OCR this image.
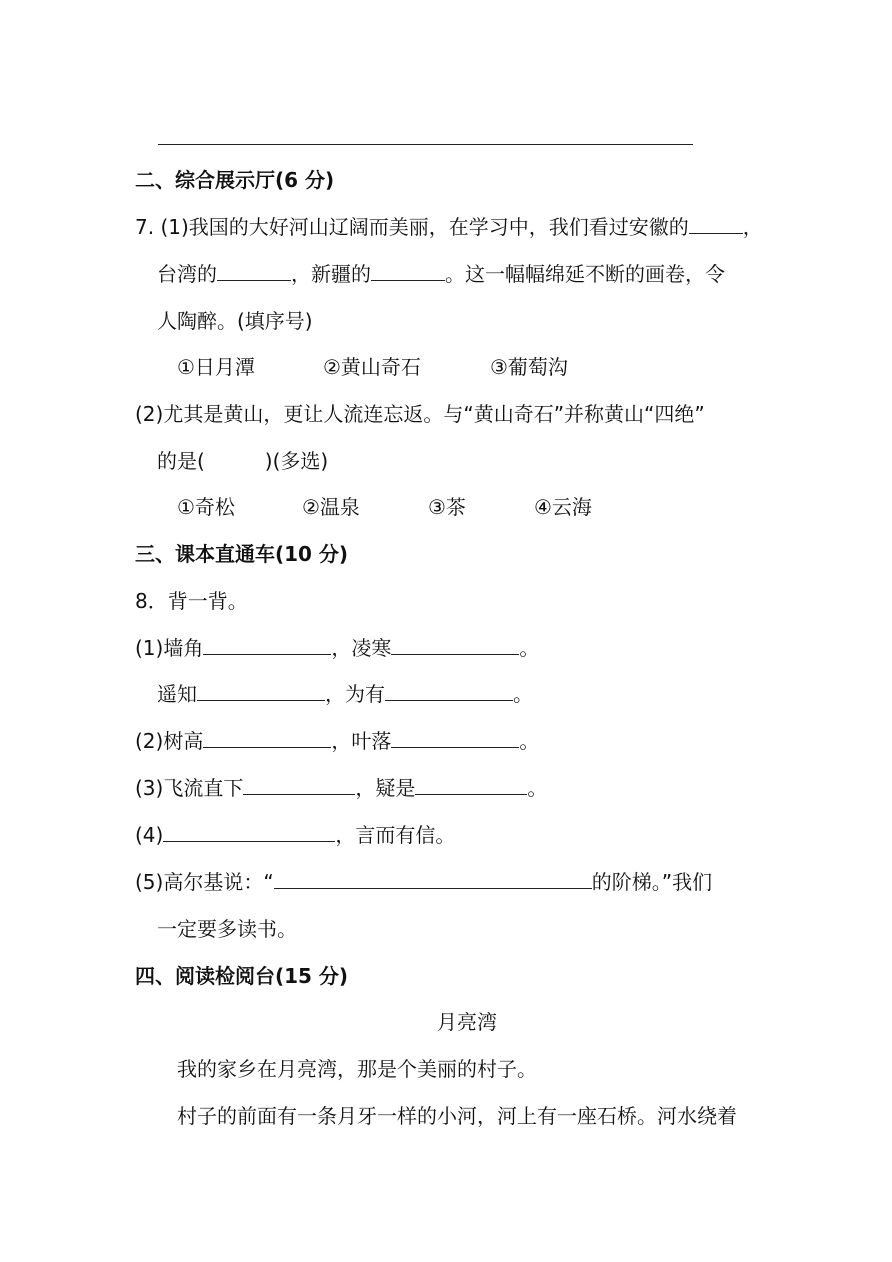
二、综合展示厅(6 分)
7. (1)我国的大好河山辽阔而美丽，在学习中，我们看过安徽的	，
台湾的	，新疆的	。这一幅幅绵延不断的画卷，令
人陶醉。(填序号)
①日月潭	②黄山奇石	③葡萄沟
(2)尤其是黄山，更让人流连忘返。与“黄山奇石”并称黄山“四绝”
的是(　　　)(多选)
①奇松	②温泉	③茶	④云海
三、课本直通车(10 分)
8．背一背。
(1)墙角	，凌寒	。
遥知	，为有	。
(2)树高	，叶落	。
(3)飞流直下	，疑是	。
(4)	，言而有信。
(5)高尔基说：“	的阶梯。”我们
一定要多读书。
四、阅读检阅台(15 分)
月亮湾
我的家乡在月亮湾，那是个美丽的村子。
村子的前面有一条月牙一样的小河，河上有一座石桥。河水绕着
